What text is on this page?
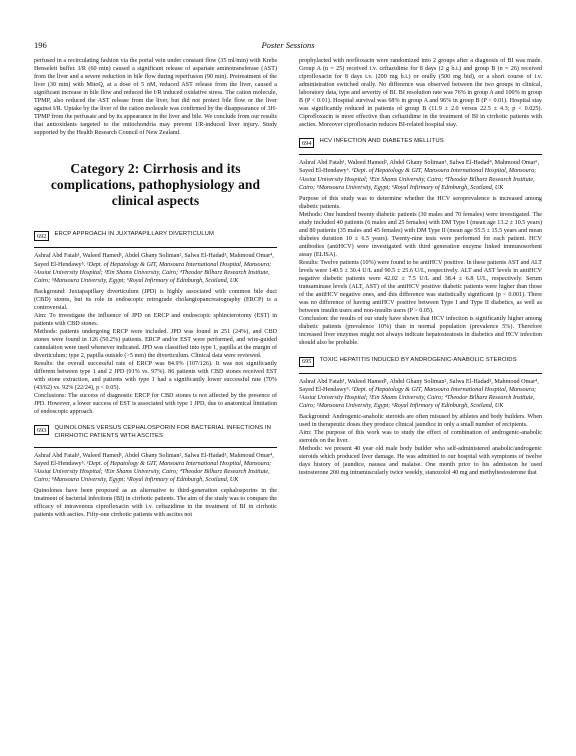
196	Poster Sessions

perfused in a recirculating fashion via the portal vein under constant flow (35 ml/min) with Krebs Henseleit buffer. I/R (60 min) caused a significant release of aspartate aminotransferase (AST) from the liver and a severe reduction in bile flow during reperfusion (90 min). Pretreatment of the liver (30 min) with MitoQ, at a dose of 5 nM, reduced AST release from the liver, caused a significant increase in bile flow and reduced the I/R induced oxidative stress. The cation molecule, TPMP, also reduced the AST release from the liver, but did not protect bile flow or the liver against I/R. Uptake by the liver of the cation molecule was confirmed by the disappearance of 3H-TPMP from the perfusate and by its appearance in the liver and bile. We conclude from our results that antioxidants targeted to the mitochondria may prevent I/R-induced liver injury. Study supported by the Health Research Council of New Zealand.

Category 2: Cirrhosis and its complications, pathophysiology and clinical aspects
692	ERCP APPROACH IN JUXTAPAPILLARY DIVERTICULUM

Ashraf Abd Fatah¹, Waleed Hamed¹, Abdel Ghany Soliman², Salwa El-Hadad³, Mahmoud Omar⁴, Sayed El-Hendawy⁵. ¹Dept. of Hepatology & GIT, Mansoura International Hospital, Mansoura; ²Assiut University Hospital; ³Ein Shams University, Cairo; ⁴Theodor Bilharz Research Institute, Cairo; ⁵Mansoura University, Egypt; ⁶Royal Infirmary of Edinburgh, Scotland, UK

Background: Juxtapapillary diverticulum (JPD) is highly associated with common bile duct (CBD) stones, but its role in endoscopic retrograde cholangiopancreatography (ERCP) is a controversial.

Aim: To investigate the influence of JPD on ERCP and endoscopic sphincterotomy (EST) in patients with CBD stones.

Methods: patients undergoing ERCP were included. JPD was found in 251 (24%), and CBD stones were found in 126 (50.2%) patients. ERCP and/or EST were performed, and wire-guided cannulation were used whenever indicated. JPD was classified into type 1, papilla at the margin of diverticulum; type 2, papilla outside (>5 mm) the diverticulum. Clinical data were reviewed.

Results: the overall successful rate of ERCP was 84.9% (107/126). It was not significantly different between type 1 and 2 JPD (91% vs. 97%). 86 patients with CBD stones received EST with stone extraction, and patients with type 1 had a significantly lower successful rate (70% (43/62) vs. 92% (22/24), p < 0.05).

Conclusions: The success of diagnostic ERCP for CBD stones is not affected by the presence of JPD. However, a lower success of EST is associated with type 1 JPD, due to anatomical limitation of endoscopic approach.

693	QUINOLONES VERSUS CEPHALOSPORIN FOR BACTERIAL INFECTIONS IN CIRRHOTIC PATIENTS WITH ASCITES

Ashraf Abd Fatah¹, Waleed Hamed¹, Abdel Ghany Soliman², Salwa El-Hadad³, Mahmoud Omar⁴, Sayed El-Hendawy⁵. ¹Dept. of Hepatology & GIT, Mansoura International Hospital, Mansoura; ²Assiut University Hospital; ³Ein Shams University, Cairo; ⁴Theodor Bilharz Research Institute, Cairo; ⁵Mansoura University, Egypt; ⁶Royal Infirmary of Edinburgh, Scotland, UK

Quinolones have been proposed as an alternative to third-generation cephalosporins in the treatment of bacterial infections (BI) in cirrhotic patients. The aim of the study was to compare the efficacy of intravenous ciprofloxacin with i.v. ceftazidime in the treatment of BI in cirrhotic patients with ascites. Fifty-one cirrhotic patients with ascites not

prophylacted with norfloxacin were randomized into 2 groups after a diagnosis of BI was made. Group A (n = 25) received i.v. ceftazidime for 8 days (2 g b.i.) and group B (n = 26) received ciprofloxacin for 8 days i.v. (200 mg b.i.) or orally (500 mg bid), or a short course of i.v. administration switched orally. No difference was observed between the two groups in clinical, laboratory data, type and severity of BI. BI resolution rate was 76% in group A and 100% in group B (P < 0.01). Hospital survival was 68% in group A and 96% in group B (P < 0.01). Hospital stay was significantly reduced in patients of group B (11.9 ± 2.0 versus 22.5 ± 4.3; p < 0.025). Ciprofloxacin is more effective than ceftazidime in the treatment of BI in cirrhotic patients with ascites. Moreover ciprofloxacin reduces BI-related hospital stay.

694	HCV INFECTION AND DIABETES MELLITUS

Ashraf Abd Fatah¹, Waleed Hamed², Abdel Ghany Soliman³, Salwa El-Hadad⁴, Mahmoud Omar⁵, Sayed El-Hendawy⁶. ¹Dept. of Hepatology & GIT, Mansoura International Hospital, Mansoura; ²Assiut University Hospital; ³Ein Shams University, Cairo; ⁴Theodor Bilharz Research Institute, Cairo; ⁵Mansoura University, Egypt; ⁶Royal Infirmary of Edinburgh, Scotland, UK

Purpose of this study was to determine whether the HCV seroprevalence is increased among diabetic patients.

Methods: One hundred twenty diabetic patients (30 males and 70 females) were investigated. The study included 40 patients (6 males and 25 females) with DM Type I (mean age 13.2 ± 10.5 years) and 80 patients (35 males and 45 females) with DM Type II (mean age 55.5 ± 15.5 years and mean diabetes duration 10 ± 6.5 years). Twenty-nine tests were performed for each patient. HCV antibodies (antiHCV) were investigated with third generation enzyme linked immunosorbent assay (ELISA).

Results: Twelve patients (10%) were found to be antiHCV positive. In these patients AST and ALT levels were 140.5 ± 30.4 U/L and 90.5 ± 25.6 U/L, respectively. ALT and AST levels in antiHCV negative diabetic patients were 42.02 ± 7.5 U/L and 38.4 ± 6.8 U/L, respectively. Serum transaminase levels (ALT, AST) of the antiHCV positive diabetic patients were higher than those of the antiHCV negative ones, and this difference was statistically significant (p < 0.001). There was no difference of having antiHCV positive between Type I and Type II diabetics, as well as between insulin users and non-insulin users (P > 0.05).

Conclusion: the results of our study have shown that HCV infection is significantly higher among diabetic patients (prevalence 10%) than in normal population (prevalence 5%). Therefore increased liver enzymes might not always indicate hepatosteatosis in diabetics and HCV infection should also be probable.

695	TOXIC HEPATITIS INDUCED BY ANDROGENIC-ANABOLIC STEROIDS

Ashraf Abd Fatah¹, Waleed Hamed¹, Abdel Ghany Soliman², Salwa El-Hadad³, Mahmoud Omar⁴, Sayed El-Hendawy⁵. ¹Dept. of Hepatology & GIT, Mansoura International Hospital, Mansoura; ²Assiut University Hospital; ³Ein Shams University, Cairo; ⁴Theodor Bilharz Research Institute, Cairo; ⁵Mansoura University, Egypt; ⁶Royal Infirmary of Edinburgh, Scotland, UK

Background: Androgenic-anabolic steroids are often misused by athletes and body builders. When used in therapeutic doses they produce clinical jaundice in only a small number of recipients.

Aim: The purpose of this work was to study the effect of combination of androgenic-anabolic steroids on the liver.

Methods: we present 40 year old male body builder who self-administered anabolic/androgenic steroids which produced liver damage. He was admitted to our hospital with symptoms of twelve days history of jaundice, nausea and malaise. One month prior to his admission he used testosterone 200 mg intramuscularly twice weekly, stanozolol 40 mg and methyltestosterone that
